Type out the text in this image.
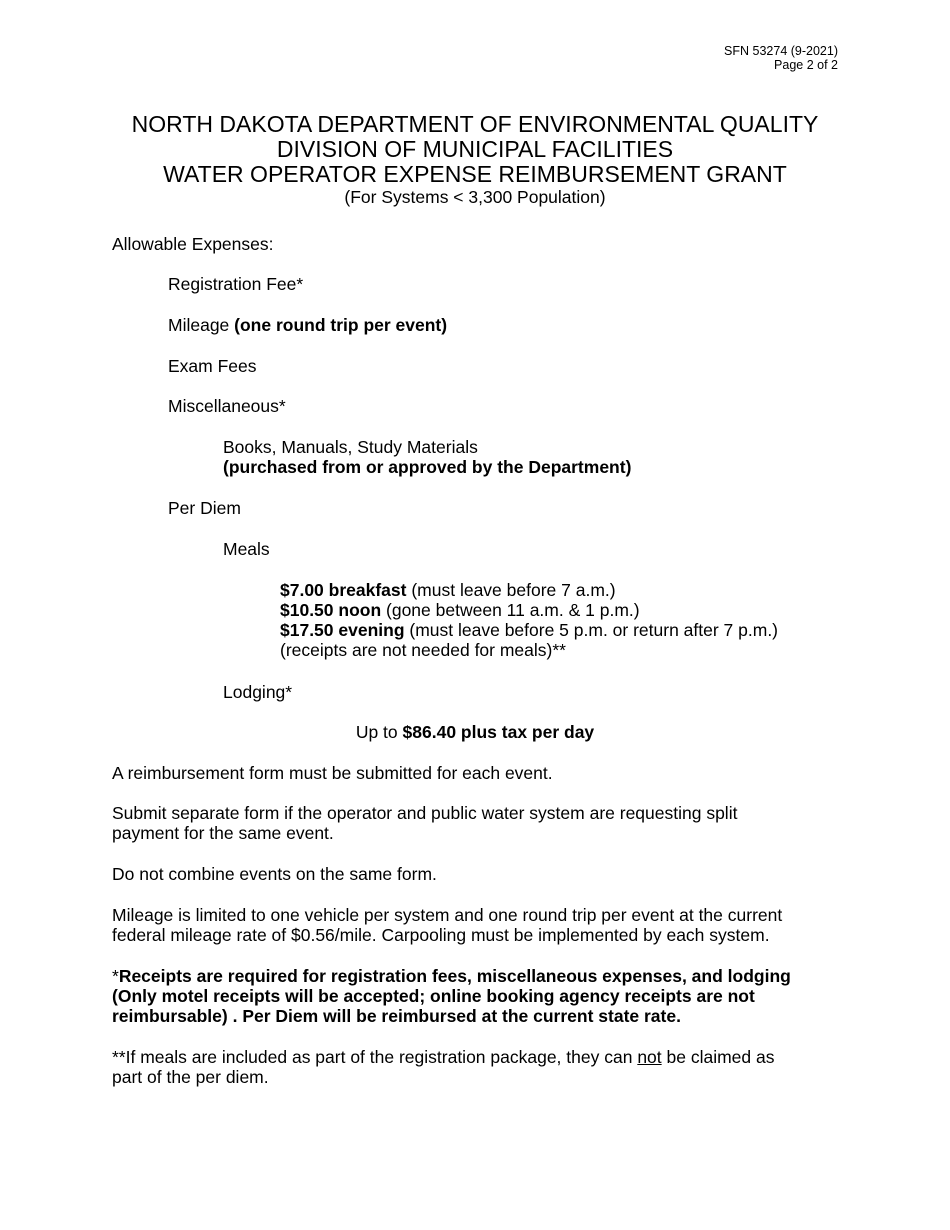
SFN 53274 (9-2021)
Page 2 of 2
NORTH DAKOTA DEPARTMENT OF ENVIRONMENTAL QUALITY
DIVISION OF MUNICIPAL FACILITIES
WATER OPERATOR EXPENSE REIMBURSEMENT GRANT
(For Systems < 3,300 Population)
Allowable Expenses:
Registration Fee*
Mileage (one round trip per event)
Exam Fees
Miscellaneous*
Books, Manuals, Study Materials
(purchased from or approved by the Department)
Per Diem
Meals
$7.00 breakfast (must leave before 7 a.m.)
$10.50 noon (gone between 11 a.m. & 1 p.m.)
$17.50 evening (must leave before 5 p.m. or return after 7 p.m.)
(receipts are not needed for meals)**
Lodging*
Up to $86.40 plus tax per day
A reimbursement form must be submitted for each event.
Submit separate form if the operator and public water system are requesting split
payment for the same event.
Do not combine events on the same form.
Mileage is limited to one vehicle per system and one round trip per event at the current
federal mileage rate of $0.56/mile. Carpooling must be implemented by each system.
*Receipts are required for registration fees, miscellaneous expenses, and lodging
(Only motel receipts will be accepted; online booking agency receipts are not
reimbursable) . Per Diem will be reimbursed at the current state rate.
**If meals are included as part of the registration package, they can not be claimed as
part of the per diem.
